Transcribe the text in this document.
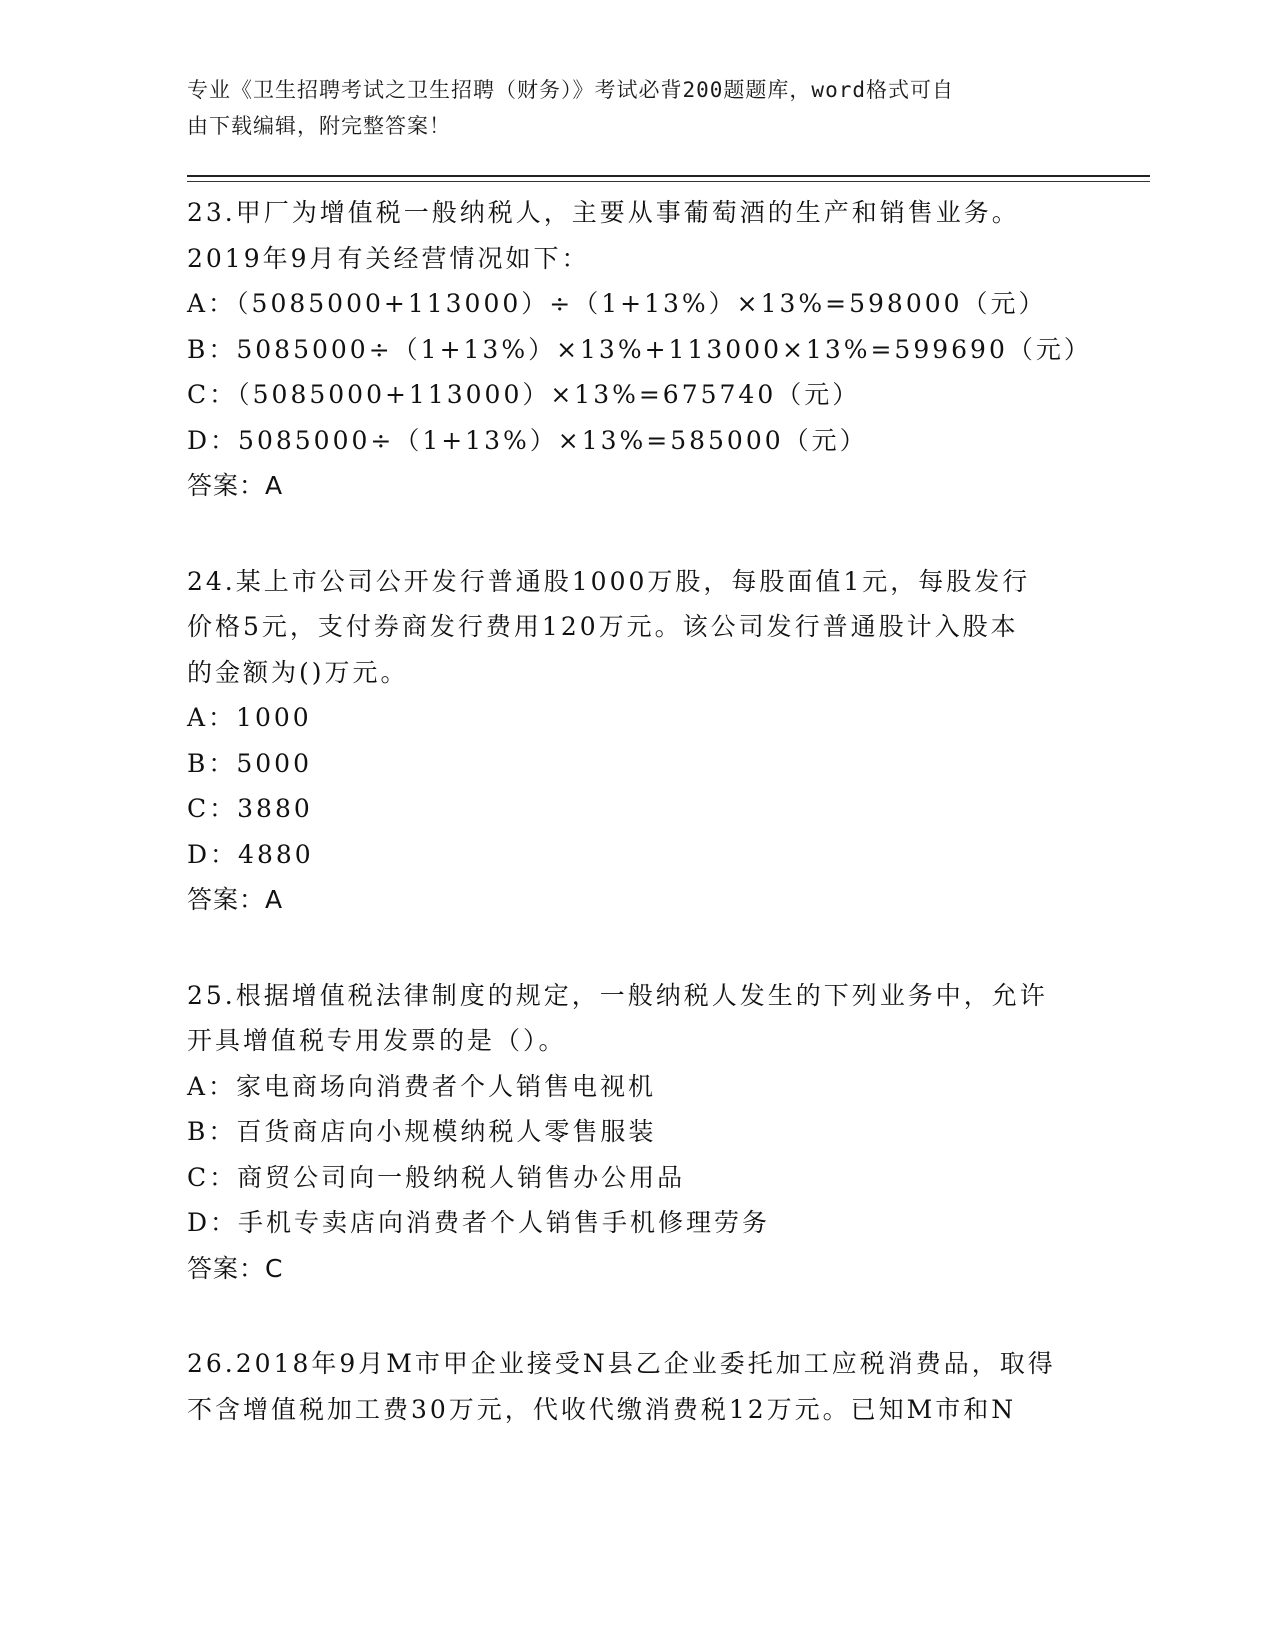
专业《卫生招聘考试之卫生招聘（财务）》考试必背200题题库，word格式可自
由下载编辑，附完整答案！
23.甲厂为增值税一般纳税人，主要从事葡萄酒的生产和销售业务。
2019年9月有关经营情况如下：
A：（5085000+113000）÷（1+13%）×13%=598000（元）
B：5085000÷（1+13%）×13%+113000×13%=599690（元）
C：（5085000+113000）×13%=675740（元）
D：5085000÷（1+13%）×13%=585000（元）
答案：A
24.某上市公司公开发行普通股1000万股，每股面值1元，每股发行
价格5元，支付券商发行费用120万元。该公司发行普通股计入股本
的金额为()万元。
A：1000
B：5000
C：3880
D：4880
答案：A
25.根据增值税法律制度的规定，一般纳税人发生的下列业务中，允许
开具增值税专用发票的是（）。
A：家电商场向消费者个人销售电视机
B：百货商店向小规模纳税人零售服装
C：商贸公司向一般纳税人销售办公用品
D：手机专卖店向消费者个人销售手机修理劳务
答案：C
26.2018年9月M市甲企业接受N县乙企业委托加工应税消费品，取得
不含增值税加工费30万元，代收代缴消费税12万元。已知M市和N
